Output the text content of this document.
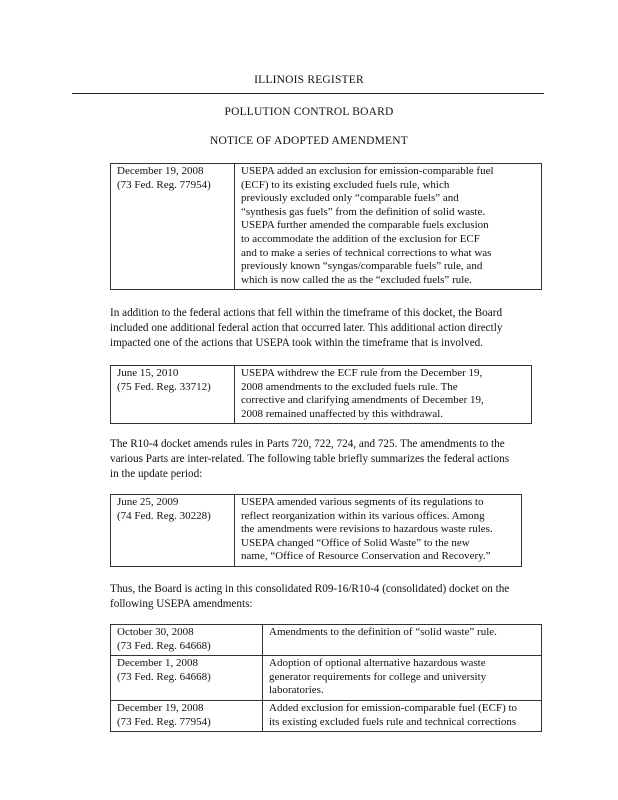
ILLINOIS REGISTER
POLLUTION CONTROL BOARD
NOTICE OF ADOPTED AMENDMENT
December 19, 2008
(73 Fed. Reg. 77954)

USEPA added an exclusion for emission-comparable fuel
(ECF) to its existing excluded fuels rule, which
previously excluded only “comparable fuels” and
“synthesis gas fuels” from the definition of solid waste.
USEPA further amended the comparable fuels exclusion
to accommodate the addition of the exclusion for ECF
and to make a series of technical corrections to what was
previously known “syngas/comparable fuels” rule, and
which is now called the as the “excluded fuels” rule.
In addition to the federal actions that fell within the timeframe of this docket, the Board
included one additional federal action that occurred later. This additional action directly
impacted one of the actions that USEPA took within the timeframe that is involved.
June 15, 2010
(75 Fed. Reg. 33712)

USEPA withdrew the ECF rule from the December 19,
2008 amendments to the excluded fuels rule. The
corrective and clarifying amendments of December 19,
2008 remained unaffected by this withdrawal.
The R10-4 docket amends rules in Parts 720, 722, 724, and 725. The amendments to the
various Parts are inter-related. The following table briefly summarizes the federal actions
in the update period:
June 25, 2009
(74 Fed. Reg. 30228)

USEPA amended various segments of its regulations to
reflect reorganization within its various offices. Among
the amendments were revisions to hazardous waste rules.
USEPA changed “Office of Solid Waste” to the new
name, “Office of Resource Conservation and Recovery.”
Thus, the Board is acting in this consolidated R09-16/R10-4 (consolidated) docket on the
following USEPA amendments:
October 30, 2008
(73 Fed. Reg. 64668)	Amendments to the definition of “solid waste” rule.

December 1, 2008
(73 Fed. Reg. 64668)	Adoption of optional alternative hazardous waste
generator requirements for college and university
laboratories.

December 19, 2008
(73 Fed. Reg. 77954)	Added exclusion for emission-comparable fuel (ECF) to
its existing excluded fuels rule and technical corrections
